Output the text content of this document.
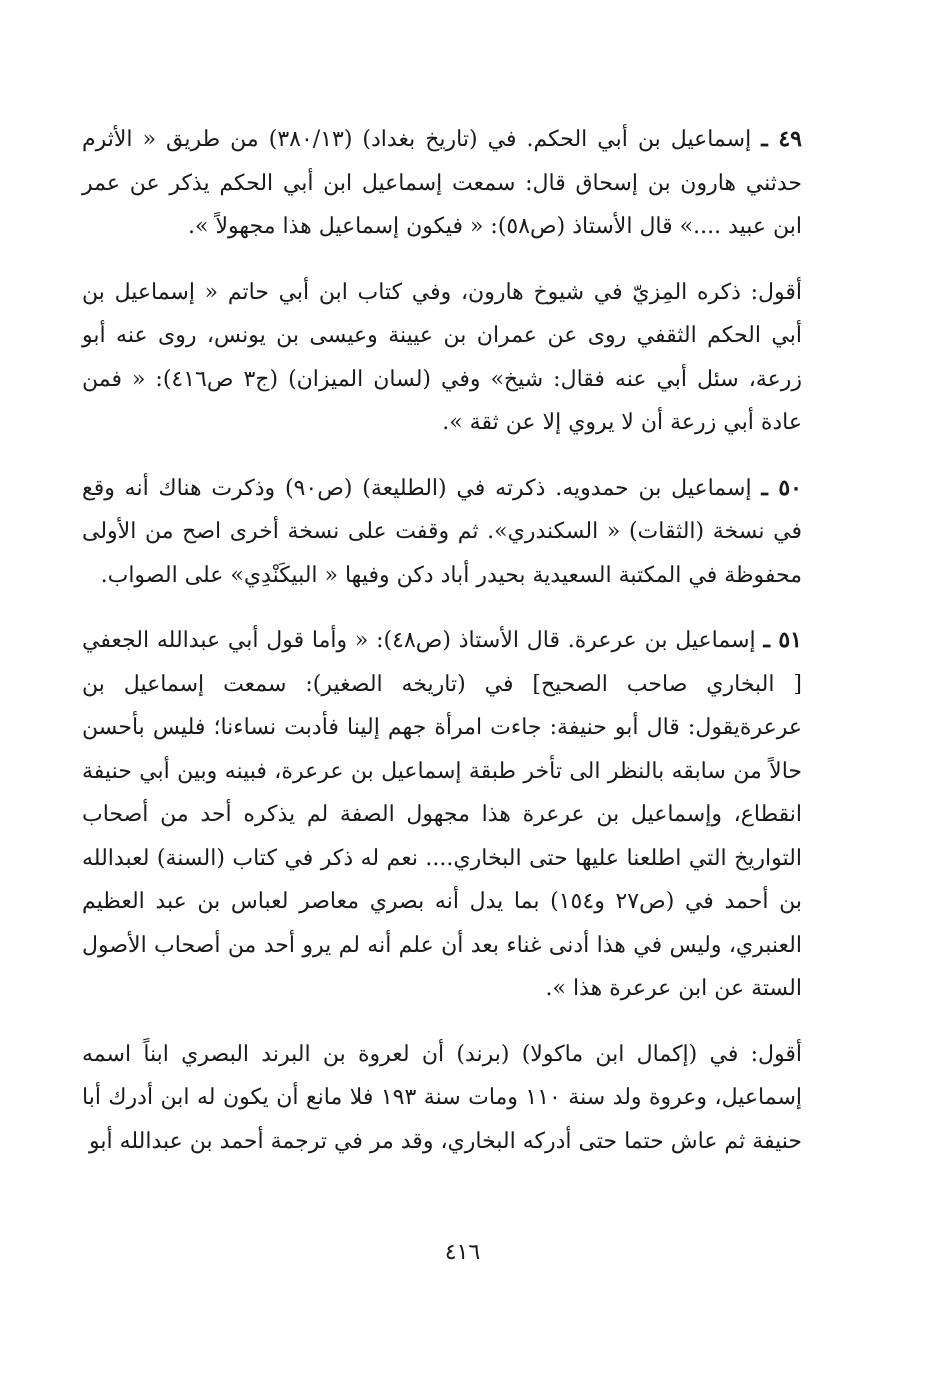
٤٩ ـ إسماعيل بن أبي الحكم. في (تاريخ بغداد) (٣٨٠/١٣) من طريق « الأثرم حدثني هارون بن إسحاق قال: سمعت إسماعيل ابن أبي الحكم يذكر عن عمر ابن عبيد ....» قال الأستاذ (ص٥٨): « فيكون إسماعيل هذا مجهولاً ».

أقول: ذكره المِزيّ في شيوخ هارون، وفي كتاب ابن أبي حاتم « إسماعيل بن أبي الحكم الثقفي روى عن عمران بن عيينة وعيسى بن يونس، روى عنه أبو زرعة، سئل أبي عنه فقال: شيخ» وفي (لسان الميزان) (ج٣ ص٤١٦): « فمن عادة أبي زرعة أن لا يروي إلا عن ثقة ».

٥٠ ـ إسماعيل بن حمدويه. ذكرته في (الطليعة) (ص٩٠) وذكرت هناك أنه وقع في نسخة (الثقات) « السكندري». ثم وقفت على نسخة أخرى اصح من الأولى محفوظة في المكتبة السعيدية بحيدر أباد دكن وفيها « البيكَنْدِي» على الصواب.

٥١ ـ إسماعيل بن عرعرة. قال الأستاذ (ص٤٨): « وأما قول أبي عبدالله الجعفي [ البخاري صاحب الصحيح] في (تاريخه الصغير): سمعت إسماعيل بن عرعرةيقول: قال أبو حنيفة: جاءت امرأة جهم إلينا فأدبت نساءنا؛ فليس بأحسن حالاً من سابقه بالنظر الى تأخر طبقة إسماعيل بن عرعرة، فبينه وبين أبي حنيفة انقطاع، وإسماعيل بن عرعرة هذا مجهول الصفة لم يذكره أحد من أصحاب التواريخ التي اطلعنا عليها حتى البخاري.... نعم له ذكر في كتاب (السنة) لعبدالله بن أحمد في (ص٢٧ و١٥٤) بما يدل أنه بصري معاصر لعباس بن عبد العظيم العنبري، وليس في هذا أدنى غناء بعد أن علم أنه لم يرو أحد من أصحاب الأصول الستة عن ابن عرعرة هذا ».

أقول: في (إكمال ابن ماكولا) (برند) أن لعروة بن البرند البصري ابناً اسمه إسماعيل، وعروة ولد سنة ١١٠ ومات سنة ١٩٣ فلا مانع أن يكون له ابن أدرك أبا حنيفة ثم عاش حتما حتى أدركه البخاري، وقد مر في ترجمة أحمد بن عبدالله أبو

٤١٦
